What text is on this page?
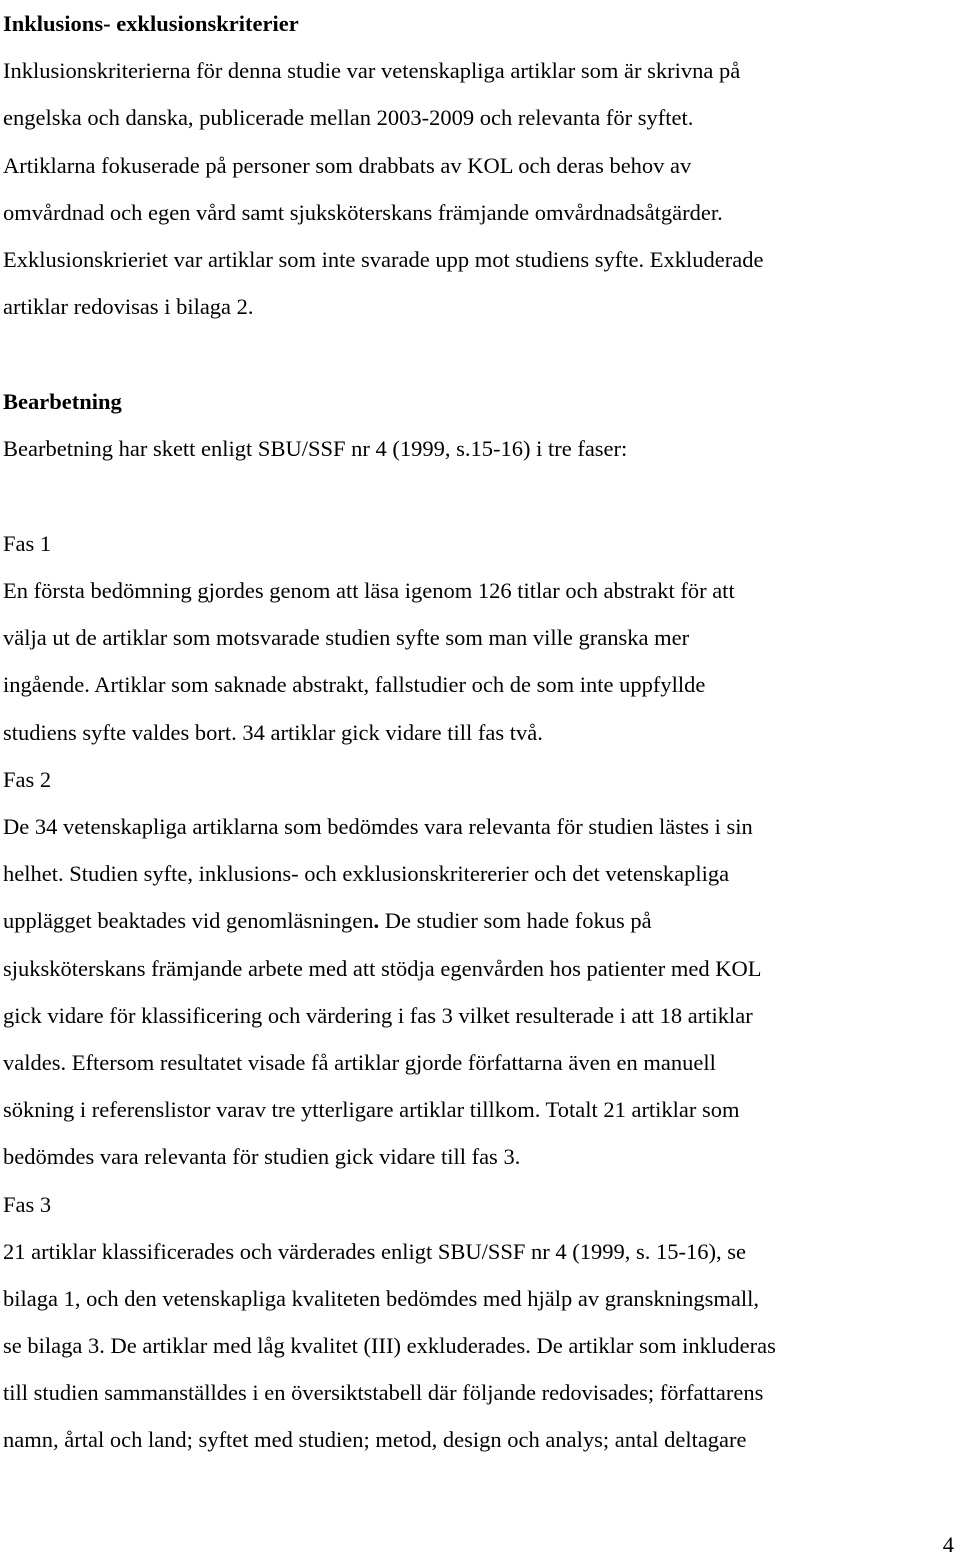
Inklusions- exklusionskriterier

Inklusionskriterierna för denna studie var vetenskapliga artiklar som är skrivna på

engelska och danska, publicerade mellan 2003-2009 och relevanta för syftet.

Artiklarna fokuserade på personer som drabbats av KOL och deras behov av

omvårdnad och egen vård samt sjuksköterskans främjande omvårdnadsåtgärder.

Exklusionskrieriet var artiklar som inte svarade upp mot studiens syfte. Exkluderade

artiklar redovisas i bilaga 2.

Bearbetning

Bearbetning har skett enligt SBU/SSF nr 4 (1999, s.15-16) i tre faser:

Fas 1

En första bedömning gjordes genom att läsa igenom 126 titlar och abstrakt för att

välja ut de artiklar som motsvarade studien syfte som man ville granska mer

ingående. Artiklar som saknade abstrakt, fallstudier och de som inte uppfyllde

studiens syfte valdes bort. 34 artiklar gick vidare till fas två.

Fas 2

De 34 vetenskapliga artiklarna som bedömdes vara relevanta för studien lästes i sin

helhet. Studien syfte, inklusions- och exklusionskritererier och det vetenskapliga

upplägget beaktades vid genomläsningen. De studier som hade fokus på

sjuksköterskans främjande arbete med att stödja egenvården hos patienter med KOL

gick vidare för klassificering och värdering i fas 3 vilket resulterade i att 18 artiklar

valdes. Eftersom resultatet visade få artiklar gjorde författarna även en manuell

sökning i referenslistor varav tre ytterligare artiklar tillkom. Totalt 21 artiklar som

bedömdes vara relevanta för studien gick vidare till fas 3.

Fas 3

21 artiklar klassificerades och värderades enligt SBU/SSF nr 4 (1999, s. 15-16), se

bilaga 1, och den vetenskapliga kvaliteten bedömdes med hjälp av granskningsmall,

se bilaga 3. De artiklar med låg kvalitet (III) exkluderades. De artiklar som inkluderas

till studien sammanställdes i en översiktstabell där följande redovisades; författarens

namn, årtal och land; syftet med studien; metod, design och analys; antal deltagare

4
